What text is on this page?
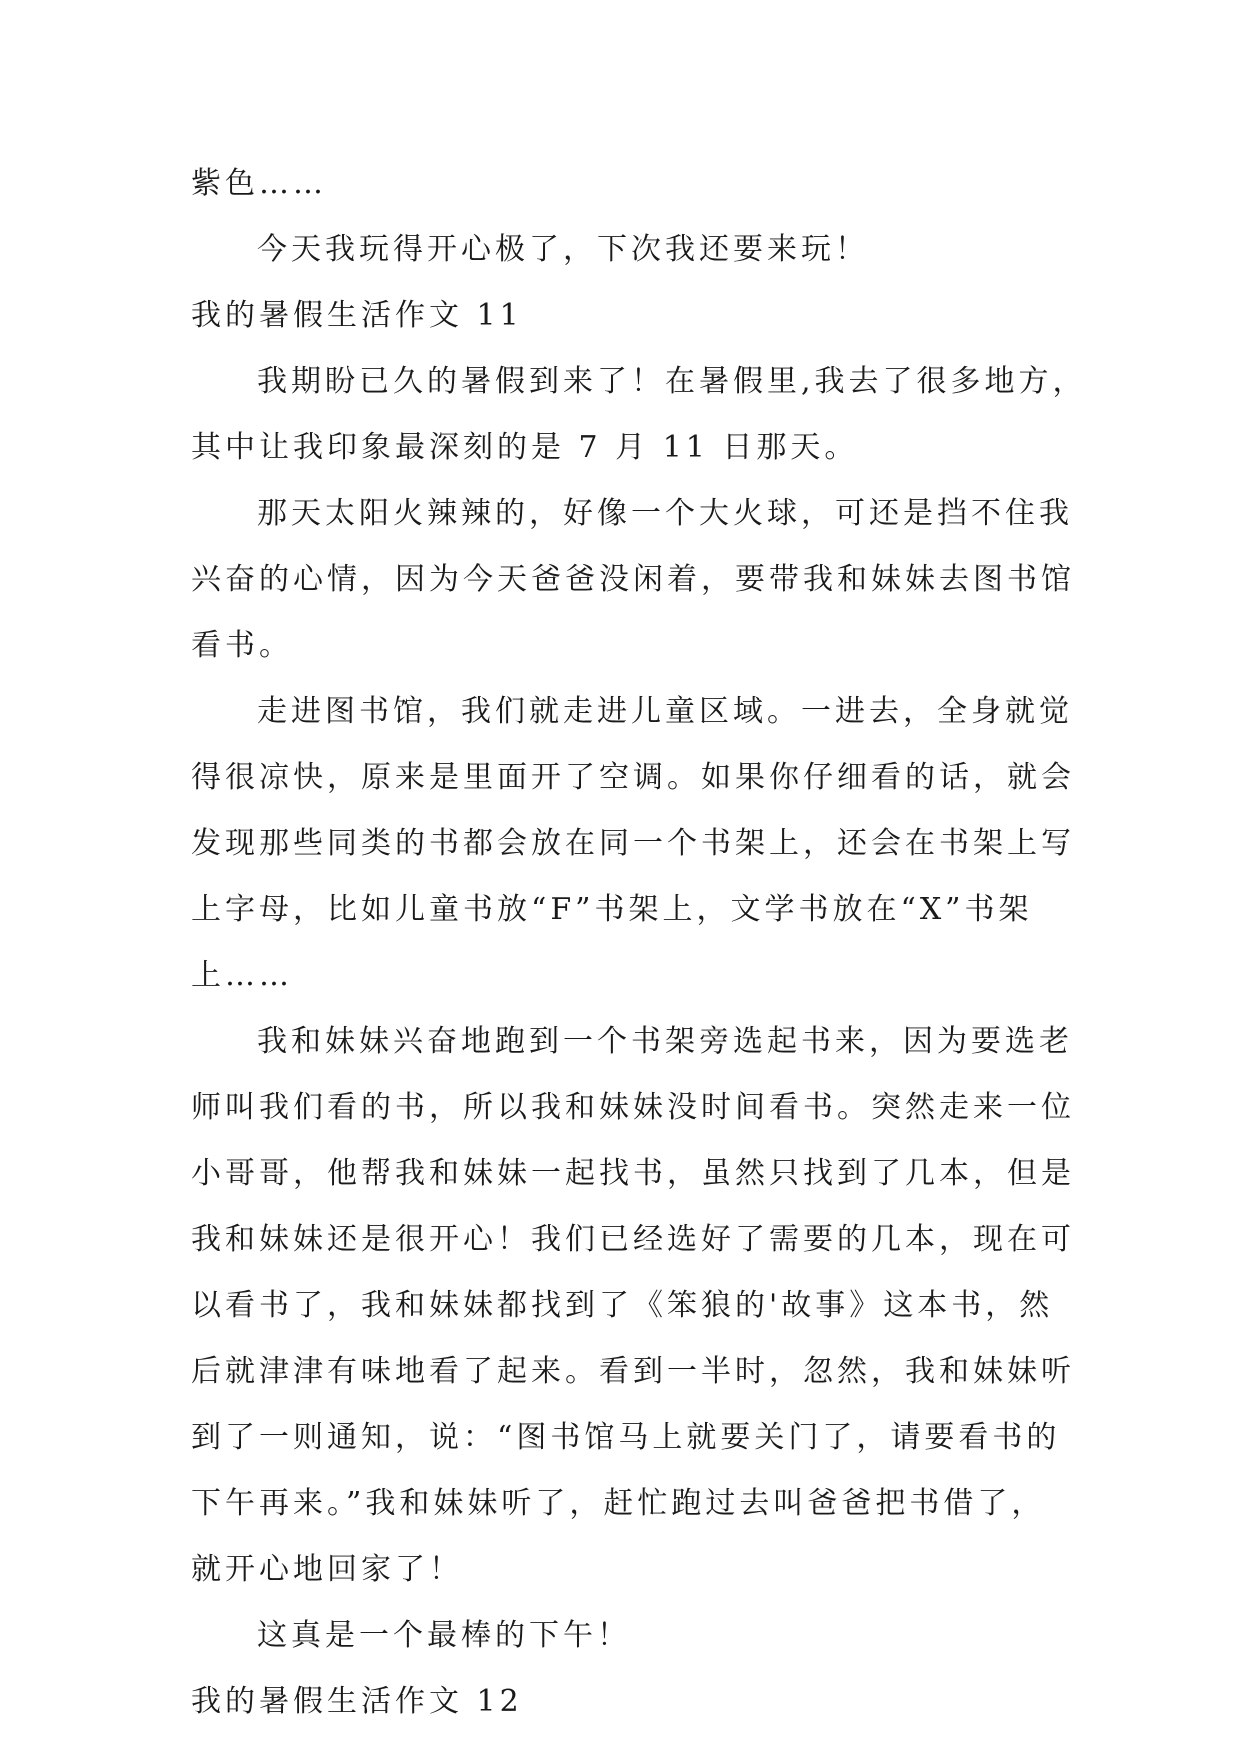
紫色……
今天我玩得开心极了，下次我还要来玩！
我的暑假生活作文 11
我期盼已久的暑假到来了！在暑假里,我去了很多地方，
其中让我印象最深刻的是 7 月 11 日那天。
那天太阳火辣辣的，好像一个大火球，可还是挡不住我
兴奋的心情，因为今天爸爸没闲着，要带我和妹妹去图书馆
看书。
走进图书馆，我们就走进儿童区域。一进去，全身就觉
得很凉快，原来是里面开了空调。如果你仔细看的话，就会
发现那些同类的书都会放在同一个书架上，还会在书架上写
上字母，比如儿童书放“F”书架上，文学书放在“X”书架
上……
我和妹妹兴奋地跑到一个书架旁选起书来，因为要选老
师叫我们看的书，所以我和妹妹没时间看书。突然走来一位
小哥哥，他帮我和妹妹一起找书，虽然只找到了几本，但是
我和妹妹还是很开心！我们已经选好了需要的几本，现在可
以看书了，我和妹妹都找到了《笨狼的'故事》这本书，然
后就津津有味地看了起来。看到一半时，忽然，我和妹妹听
到了一则通知，说：“图书馆马上就要关门了，请要看书的
下午再来。”我和妹妹听了，赶忙跑过去叫爸爸把书借了，
就开心地回家了！
这真是一个最棒的下午！
我的暑假生活作文 12
